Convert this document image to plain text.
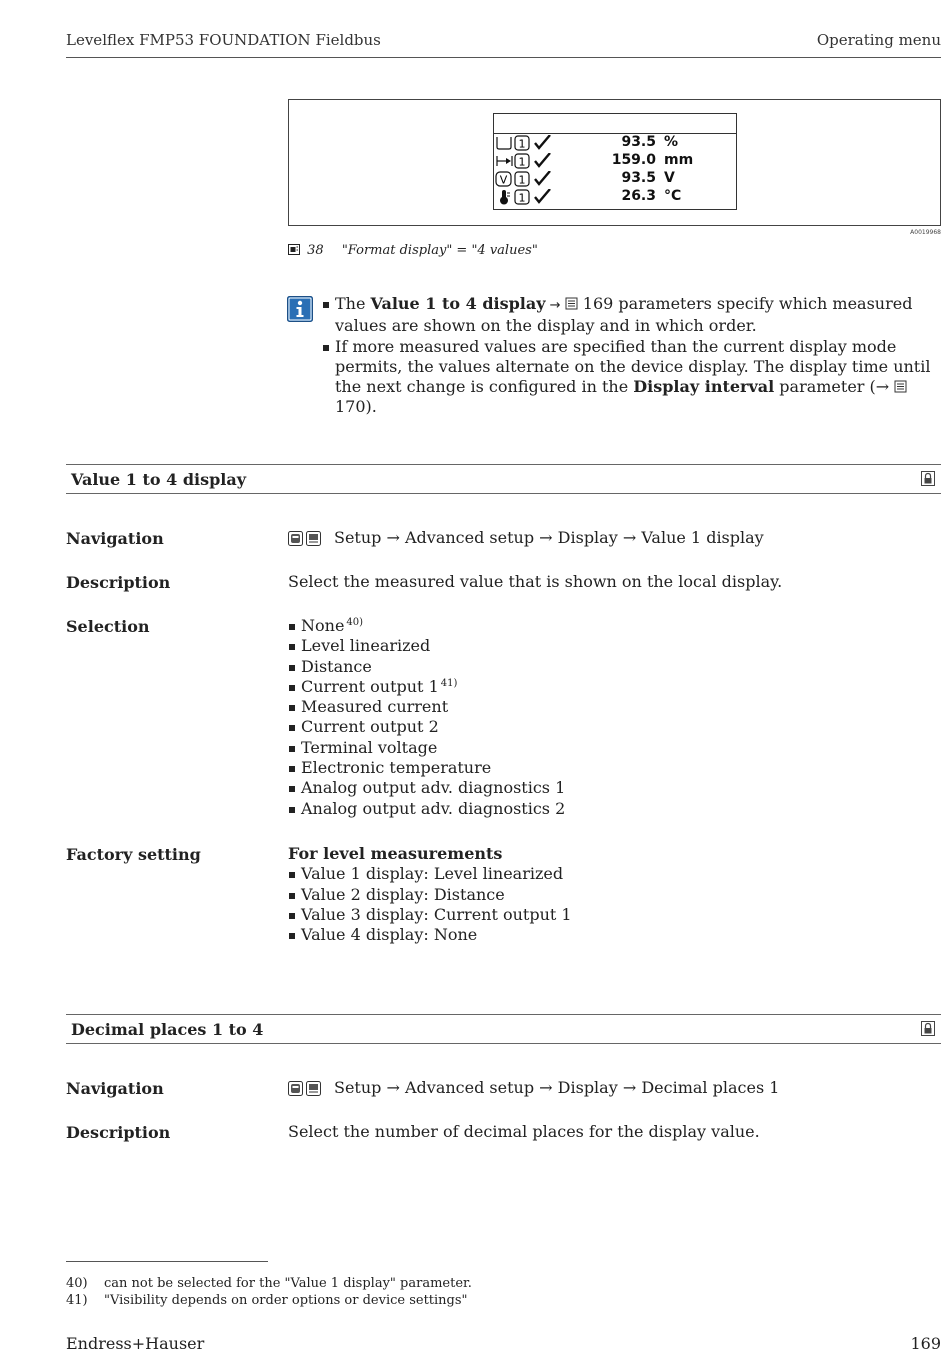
Levelflex FMP53 FOUNDATION Fieldbus	Operating menu
1	93.5 %
1	159.0 mm
V 1	93.5 V
1	26.3 °C
A0019968
38 "Format display" = "4 values"
The Value 1 to 4 display →  169 parameters specify which measured values are shown on the display and in which order.
If more measured values are specified than the current display mode permits, the values alternate on the device display. The display time until the next change is configured in the Display interval parameter (→  170).
Value 1 to 4 display
Navigation	Setup → Advanced setup → Display → Value 1 display
Description	Select the measured value that is shown on the local display.
Selection	None $^{40)}$
Level linearized
Distance
Current output 1 $^{41)}$
Measured current
Current output 2
Terminal voltage
Electronic temperature
Analog output adv. diagnostics 1
Analog output adv. diagnostics 2
Factory setting	For level measurements
Value 1 display: Level linearized
Value 2 display: Distance
Value 3 display: Current output 1
Value 4 display: None
Decimal places 1 to 4
Navigation	Setup → Advanced setup → Display → Decimal places 1
Description	Select the number of decimal places for the display value.
40) can not be selected for the "Value 1 display" parameter.
41) "Visibility depends on order options or device settings"
Endress+Hauser	169
